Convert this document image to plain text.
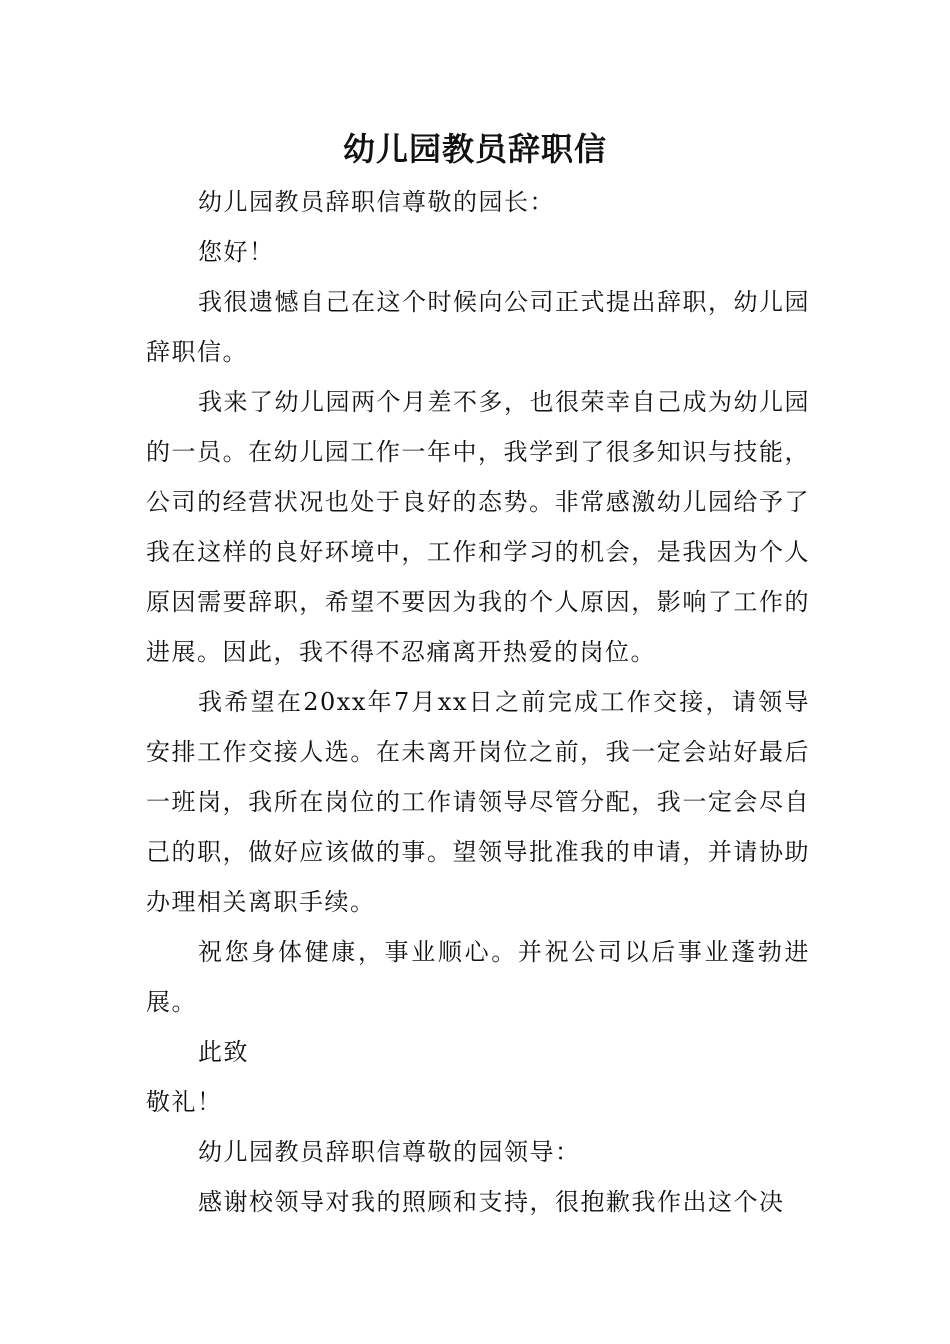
幼儿园教员辞职信

幼儿园教员辞职信尊敬的园长：

您好！

我很遗憾自己在这个时候向公司正式提出辞职，幼儿园辞职信。

我来了幼儿园两个月差不多，也很荣幸自己成为幼儿园的一员。在幼儿园工作一年中，我学到了很多知识与技能，公司的经营状况也处于良好的态势。非常感激幼儿园给予了我在这样的良好环境中，工作和学习的机会，是我因为个人原因需要辞职，希望不要因为我的个人原因，影响了工作的进展。因此，我不得不忍痛离开热爱的岗位。

我希望在20xx年7月xx日之前完成工作交接，请领导安排工作交接人选。在未离开岗位之前，我一定会站好最后一班岗，我所在岗位的工作请领导尽管分配，我一定会尽自己的职，做好应该做的事。望领导批准我的申请，并请协助办理相关离职手续。

祝您身体健康，事业顺心。并祝公司以后事业蓬勃进展。

此致

敬礼！

幼儿园教员辞职信尊敬的园领导：

感谢校领导对我的照顾和支持，很抱歉我作出这个决
